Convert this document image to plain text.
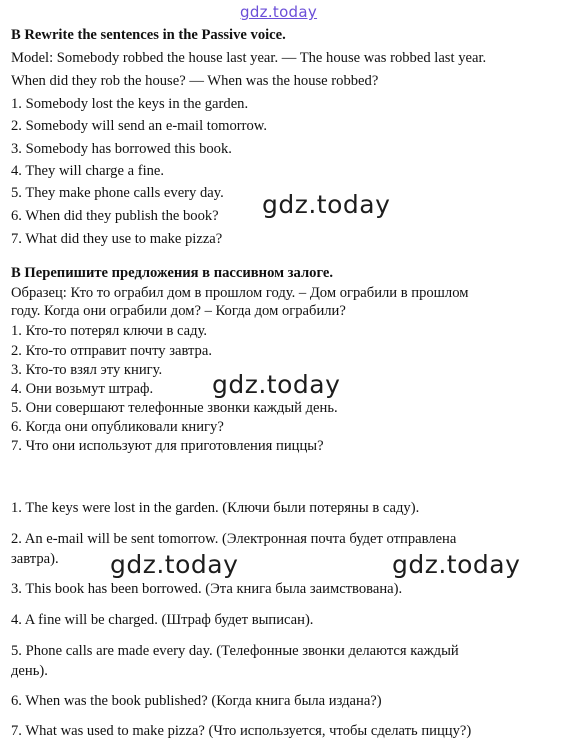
gdz.today
gdz.today
gdz.today
gdz.today	gdz.today
B Rewrite the sentences in the Passive voice.
Model: Somebody robbed the house last year. — The house was robbed last year.
When did they rob the house? — When was the house robbed?
1. Somebody lost the keys in the garden.
2. Somebody will send an e-mail tomorrow.
3. Somebody has borrowed this book.
4. They will charge a fine.
5. They make phone calls every day.
6. When did they publish the book?
7. What did they use to make pizza?
В Перепишите предложения в пассивном залоге.
Образец: Кто то ограбил дом в прошлом году. – Дом ограбили в прошлом
году. Когда они ограбили дом? – Когда дом ограбили?
1. Кто-то потерял ключи в саду.
2. Кто-то отправит почту завтра.
3. Кто-то взял эту книгу.
4. Они возьмут штраф.
5. Они совершают телефонные звонки каждый день.
6. Когда они опубликовали книгу?
7. Что они используют для приготовления пиццы?
1. The keys were lost in the garden. (Ключи были потеряны в саду).
2. An e-mail will be sent tomorrow. (Электронная почта будет отправлена
завтра).
3. This book has been borrowed. (Эта книга была заимствована).
4. A fine will be charged. (Штраф будет выписан).
5. Phone calls are made every day. (Телефонные звонки делаются каждый
день).
6. When was the book published? (Когда книга была издана?)
7. What was used to make pizza? (Что используется, чтобы сделать пиццу?)
